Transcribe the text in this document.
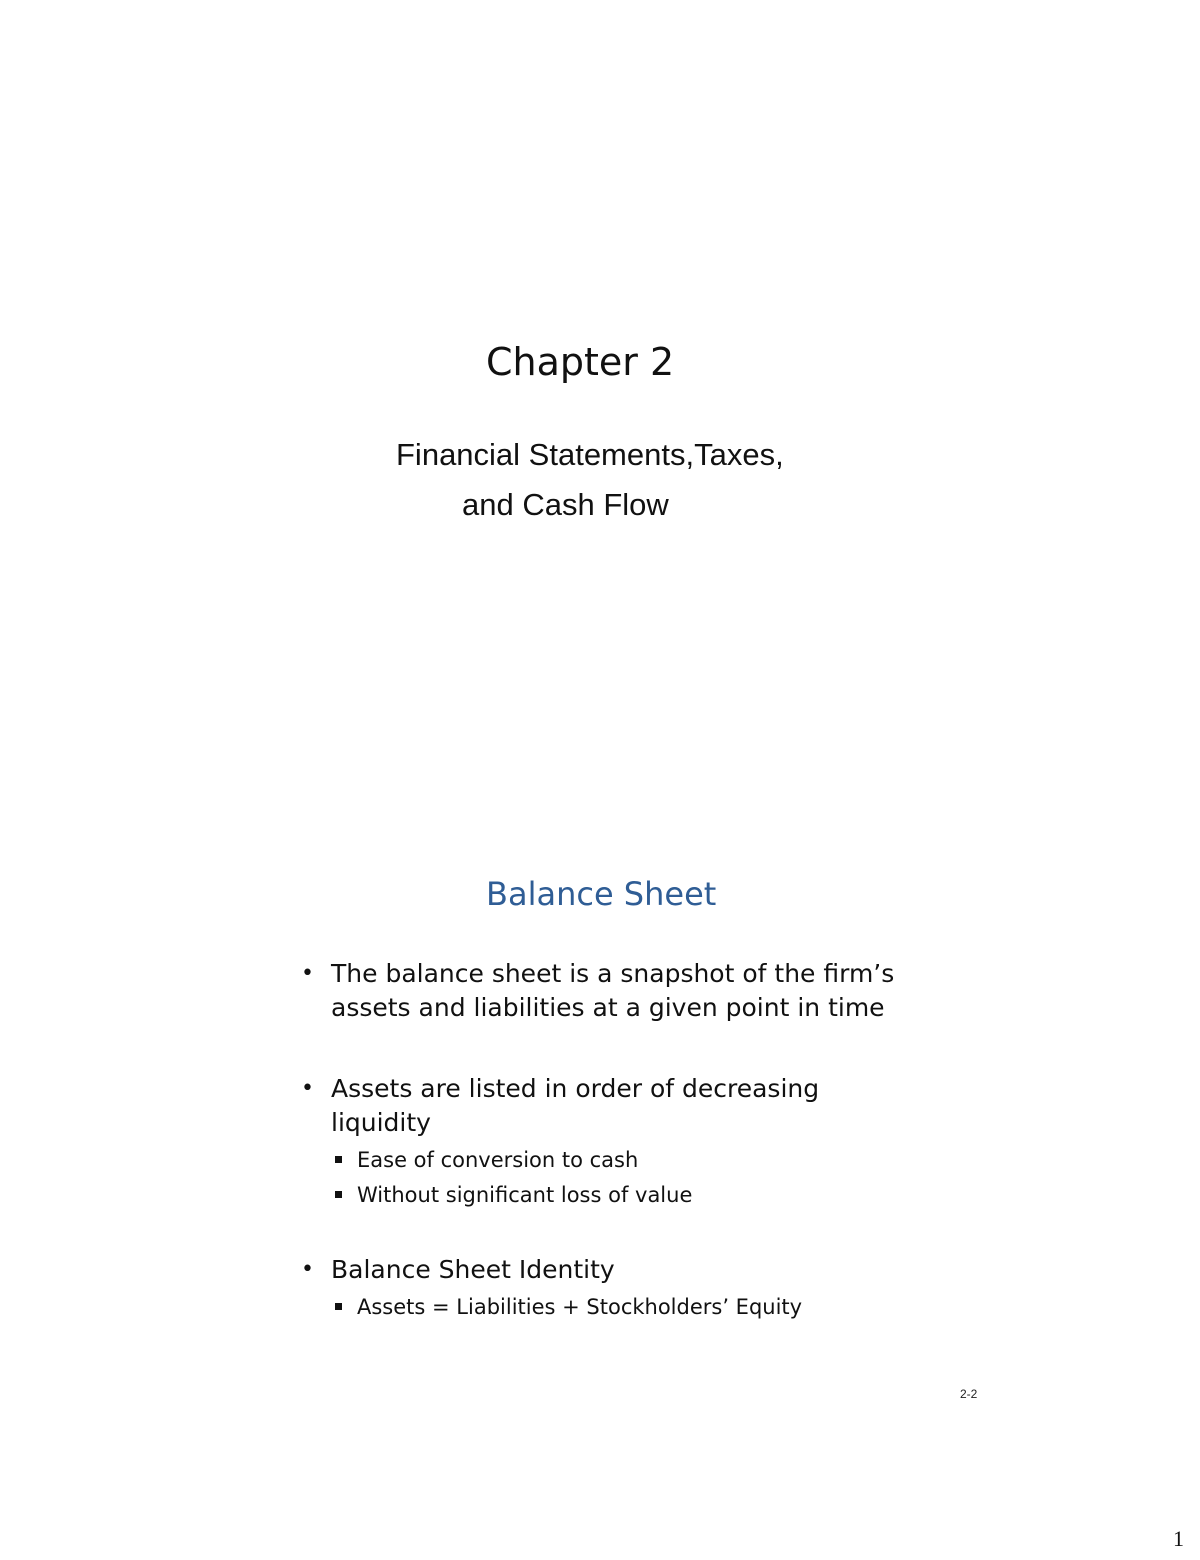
Chapter 2
Financial Statements,Taxes,
and Cash Flow
Balance Sheet
• The balance sheet is a snapshot of the firm’s
assets and liabilities at a given point in time
• Assets are listed in order of decreasing
liquidity
Ease of conversion to cash
Without significant loss of value
• Balance Sheet Identity
Assets = Liabilities + Stockholders’ Equity
2-2
1
